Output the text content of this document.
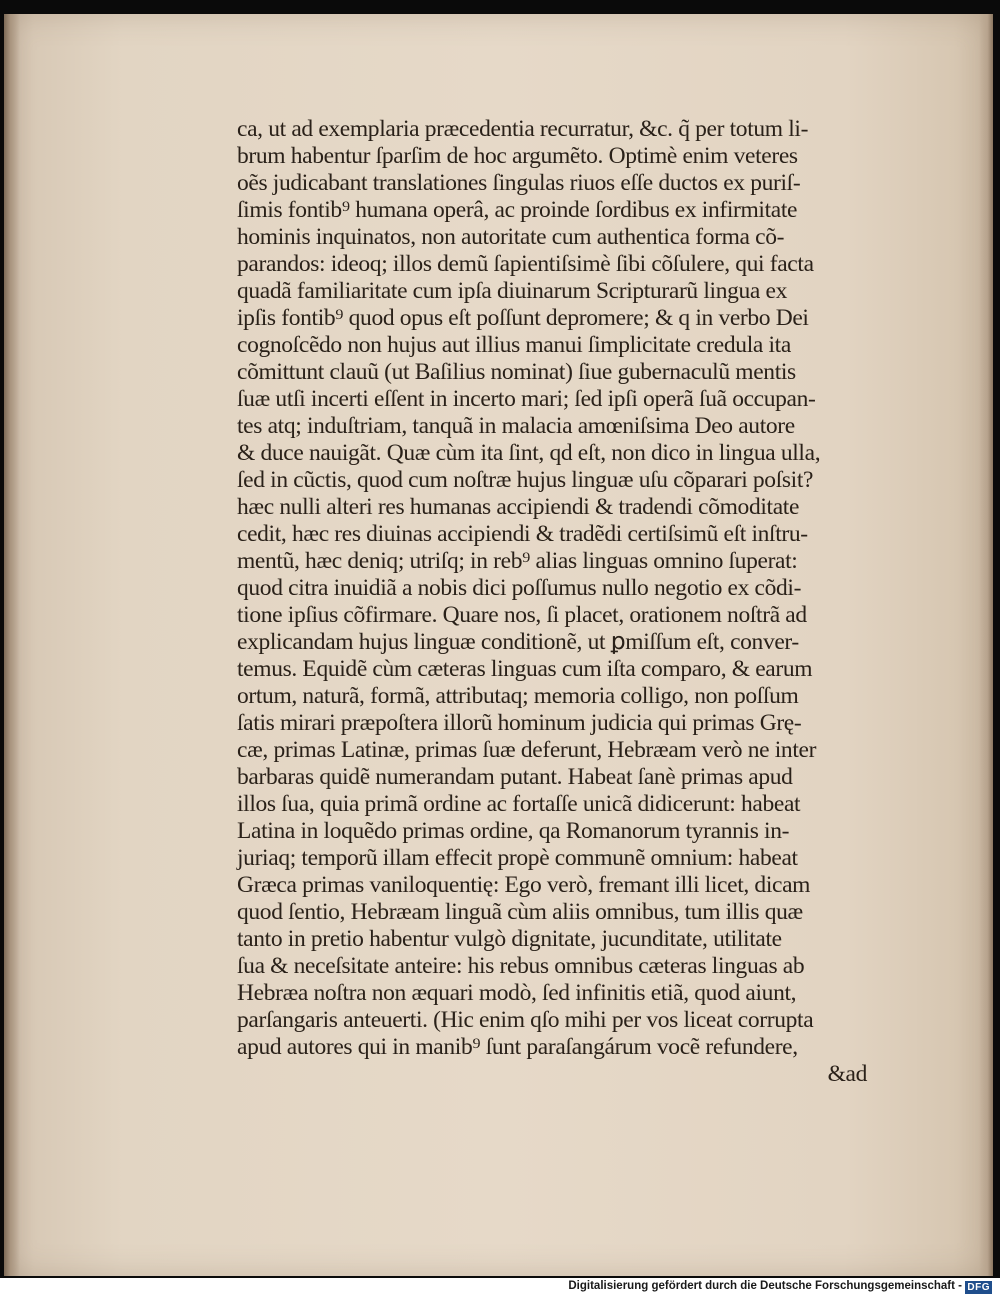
ca, ut ad exemplaria præcedentia recurratur, &c. q̃ per totum li-
brum habentur ſparſim de hoc argumẽto. Optimè enim veteres
oẽs judicabant translationes ſingulas riuos eſſe ductos ex puriſ-
ſimis fontib⁹ humana operâ, ac proinde ſordibus ex infirmitate
hominis inquinatos, non autoritate cum authentica forma cõ-
parandos: ideoq; illos demũ ſapientiſsimè ſibi cõſulere, qui facta
quadã familiaritate cum ipſa diuinarum Scripturarũ lingua ex
ipſis fontib⁹ quod opus eſt poſſunt depromere; & q in verbo Dei
cognoſcẽdo non hujus aut illius manui ſimplicitate credula ita
cõmittunt clauũ (ut Baſilius nominat) ſiue gubernaculũ mentis
ſuæ utſi incerti eſſent in incerto mari; ſed ipſi operã ſuã occupan-
tes atq; induſtriam, tanquã in malacia amœniſsima Deo autore
& duce nauigãt. Quæ cùm ita ſint, qd eſt, non dico in lingua ulla,
ſed in cũctis, quod cum noſtræ hujus linguæ uſu cõparari poſsit?
hæc nulli alteri res humanas accipiendi & tradendi cõmoditate
cedit, hæc res diuinas accipiendi & tradẽdi certiſsimũ eſt inſtru-
mentũ, hæc deniq; utriſq; in reb⁹ alias linguas omnino ſuperat:
quod citra inuidiã a nobis dici poſſumus nullo negotio ex cõdi-
tione ipſius cõfirmare. Quare nos, ſi placet, orationem noſtrã ad
explicandam hujus linguæ conditionẽ, ut ꝑmiſſum eſt, conver-
temus. Equidẽ cùm cæteras linguas cum iſta comparo, & earum
ortum, naturã, formã, attributaq; memoria colligo, non poſſum
ſatis mirari præpoſtera illorũ hominum judicia qui primas Grę-
cæ, primas Latinæ, primas ſuæ deferunt, Hebræam verò ne inter
barbaras quidẽ numerandam putant. Habeat ſanè primas apud
illos ſua, quia primã ordine ac fortaſſe unicã didicerunt: habeat
Latina in loquẽdo primas ordine, qa Romanorum tyrannis in-
juriaq; temporũ illam effecit propè communẽ omnium: habeat
Græca primas vaniloquentię: Ego verò, fremant illi licet, dicam
quod ſentio, Hebræam linguã cùm aliis omnibus, tum illis quæ
tanto in pretio habentur vulgò dignitate, jucunditate, utilitate
ſua & neceſsitate anteire: his rebus omnibus cæteras linguas ab
Hebræa noſtra non æquari modò, ſed infinitis etiã, quod aiunt,
parſangaris anteuerti. (Hic enim qſo mihi per vos liceat corrupta
apud autores qui in manib⁹ ſunt paraſangárum vocẽ refundere,
&ad
Digitalisierung gefördert durch die Deutsche Forschungsgemeinschaft - DFG
